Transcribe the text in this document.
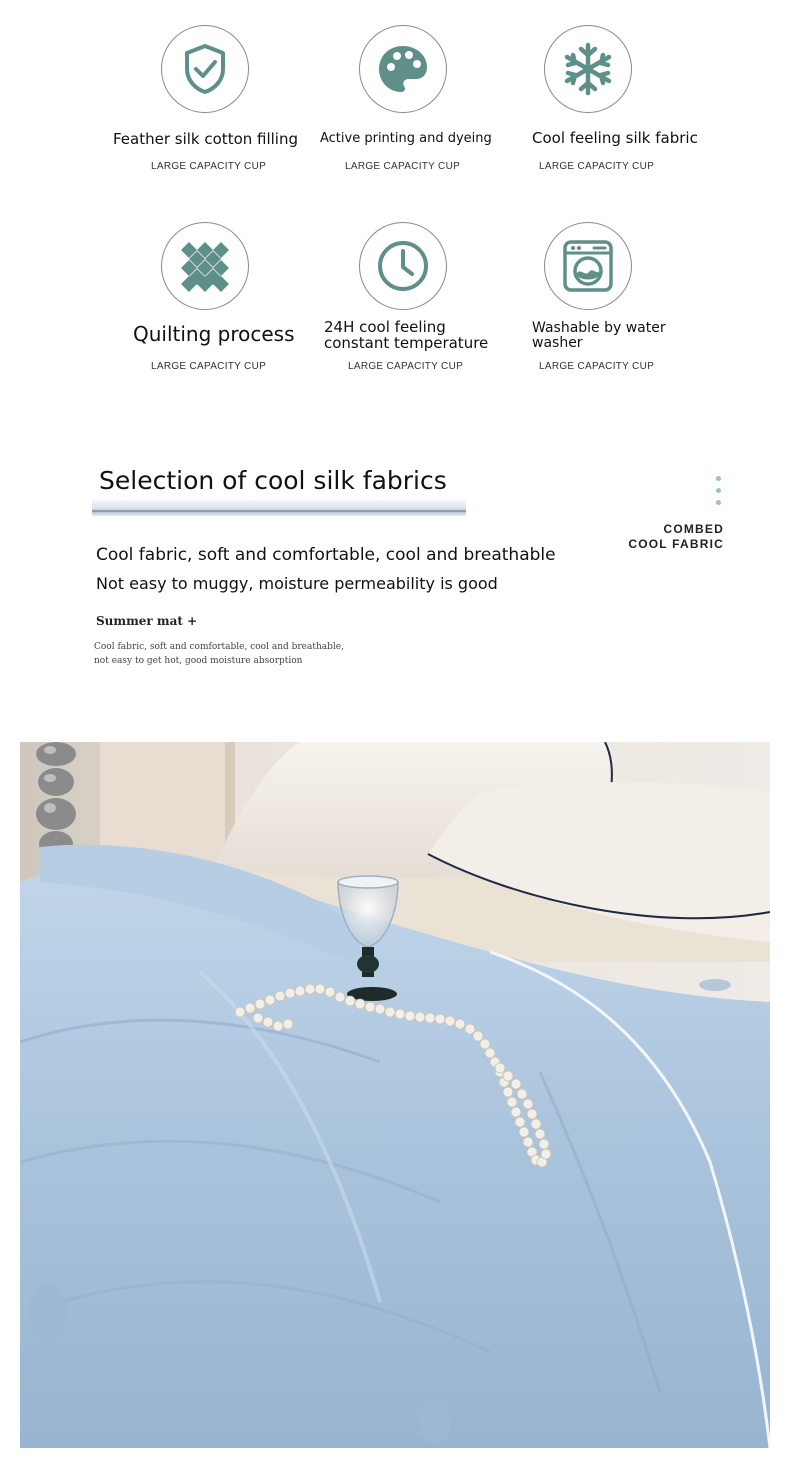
Feather silk cotton filling
LARGE CAPACITY CUP
Active printing and dyeing
LARGE CAPACITY CUP
Cool feeling silk fabric
LARGE CAPACITY CUP
Quilting process
LARGE CAPACITY CUP
24H cool feeling
constant temperature
LARGE CAPACITY CUP
Washable by water
washer
LARGE CAPACITY CUP
Selection of cool silk fabrics
COMBED
COOL FABRIC
Cool fabric, soft and comfortable, cool and breathable
Not easy to muggy, moisture permeability is good
Summer mat +
Cool fabric, soft and comfortable, cool and breathable,
not easy to get hot, good moisture absorption
